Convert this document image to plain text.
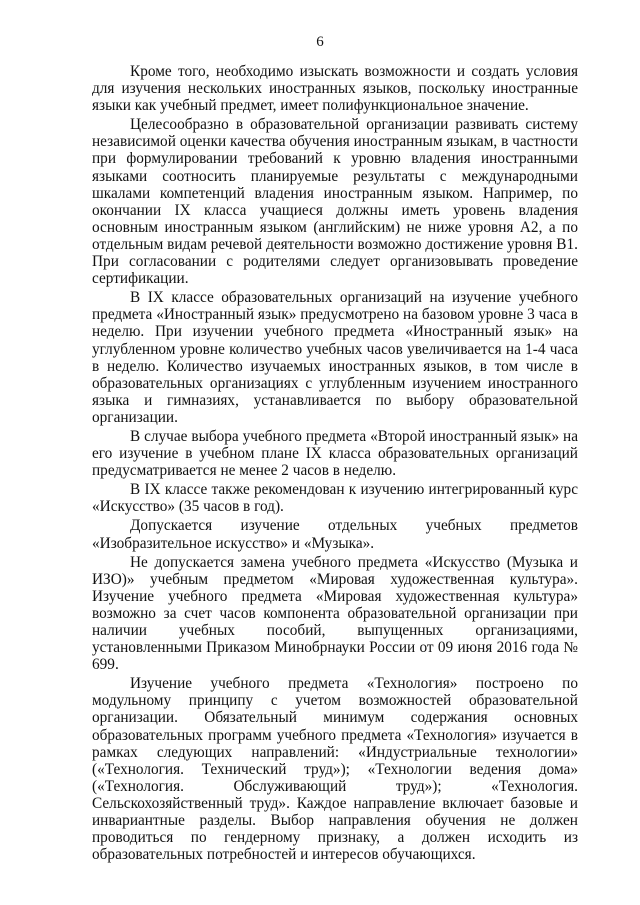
6

Кроме того, необходимо изыскать возможности и создать условия для изучения нескольких иностранных языков, поскольку иностранные языки как учебный предмет, имеет полифункциональное значение.

Целесообразно в образовательной организации развивать систему независимой оценки качества обучения иностранным языкам, в частности при формулировании требований к уровню владения иностранными языками соотносить планируемые результаты с международными шкалами компетенций владения иностранным языком. Например, по окончании IX класса учащиеся должны иметь уровень владения основным иностранным языком (английским) не ниже уровня А2, а по отдельным видам речевой деятельности возможно достижение уровня В1. При согласовании с родителями следует организовывать проведение сертификации.

В IX классе образовательных организаций на изучение учебного предмета «Иностранный язык» предусмотрено на базовом уровне 3 часа в неделю. При изучении учебного предмета «Иностранный язык» на углубленном уровне количество учебных часов увеличивается на 1-4 часа в неделю. Количество изучаемых иностранных языков, в том числе в образовательных организациях с углубленным изучением иностранного языка и гимназиях, устанавливается по выбору образовательной организации.

В случае выбора учебного предмета «Второй иностранный язык» на его изучение в учебном плане IX класса образовательных организаций предусматривается не менее 2 часов в неделю.

В IX классе также рекомендован к изучению интегрированный курс «Искусство» (35 часов в год).

Допускается изучение отдельных учебных предметов «Изобразительное искусство» и «Музыка».

Не допускается замена учебного предмета «Искусство (Музыка и ИЗО)» учебным предметом «Мировая художественная культура». Изучение учебного предмета «Мировая художественная культура» возможно за счет часов компонента образовательной организации при наличии учебных пособий, выпущенных организациями, установленными Приказом Минобрнауки России от 09 июня 2016 года № 699.

Изучение учебного предмета «Технология» построено по модульному принципу с учетом возможностей образовательной организации. Обязательный минимум содержания основных образовательных программ учебного предмета «Технология» изучается в рамках следующих направлений: «Индустриальные технологии» («Технология. Технический труд»); «Технологии ведения дома» («Технология. Обслуживающий труд»); «Технология. Сельскохозяйственный труд». Каждое направление включает базовые и инвариантные разделы. Выбор направления обучения не должен проводиться по гендерному признаку, а должен исходить из образовательных потребностей и интересов обучающихся.
